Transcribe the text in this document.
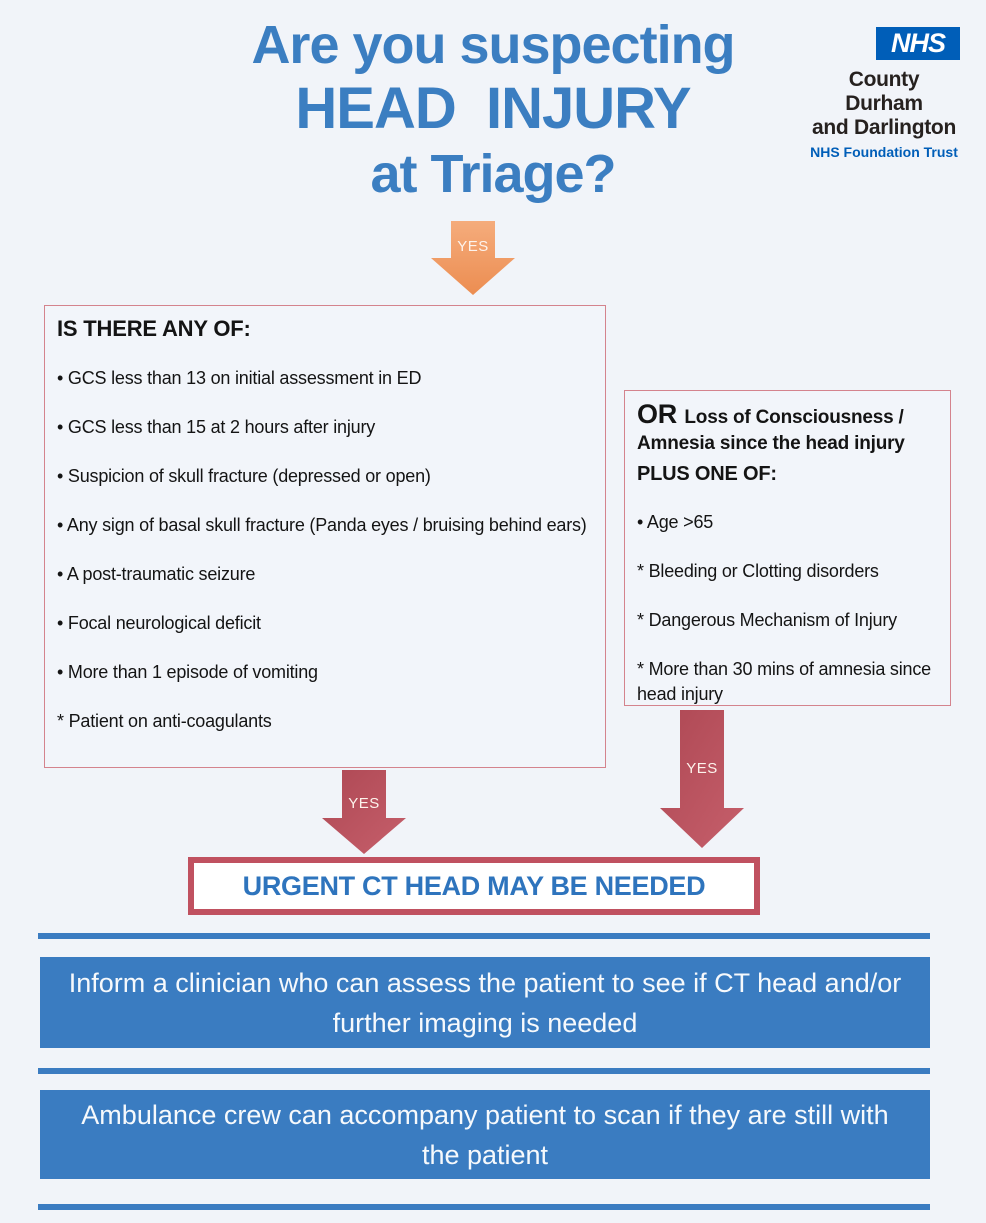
Are you suspecting
HEAD  INJURY
at Triage?
NHS
County Durham
and Darlington
NHS Foundation Trust
YES
IS THERE ANY OF:
• GCS less than 13 on initial assessment in ED
• GCS less than 15 at 2 hours after injury
• Suspicion of skull fracture (depressed or open)
• Any sign of basal skull fracture (Panda eyes / bruising behind ears)
• A post-traumatic seizure
• Focal neurological deficit
• More than 1 episode of vomiting
* Patient on anti-coagulants
OR Loss of Consciousness / Amnesia since the head injury
PLUS ONE OF:
• Age >65
* Bleeding or Clotting disorders
* Dangerous Mechanism of Injury
* More than 30 mins of amnesia since head injury
YES
YES
URGENT CT HEAD MAY BE NEEDED
Inform a clinician who can assess the patient to see if CT head and/or further imaging is needed
Ambulance crew can accompany patient to scan if they are still with the patient
